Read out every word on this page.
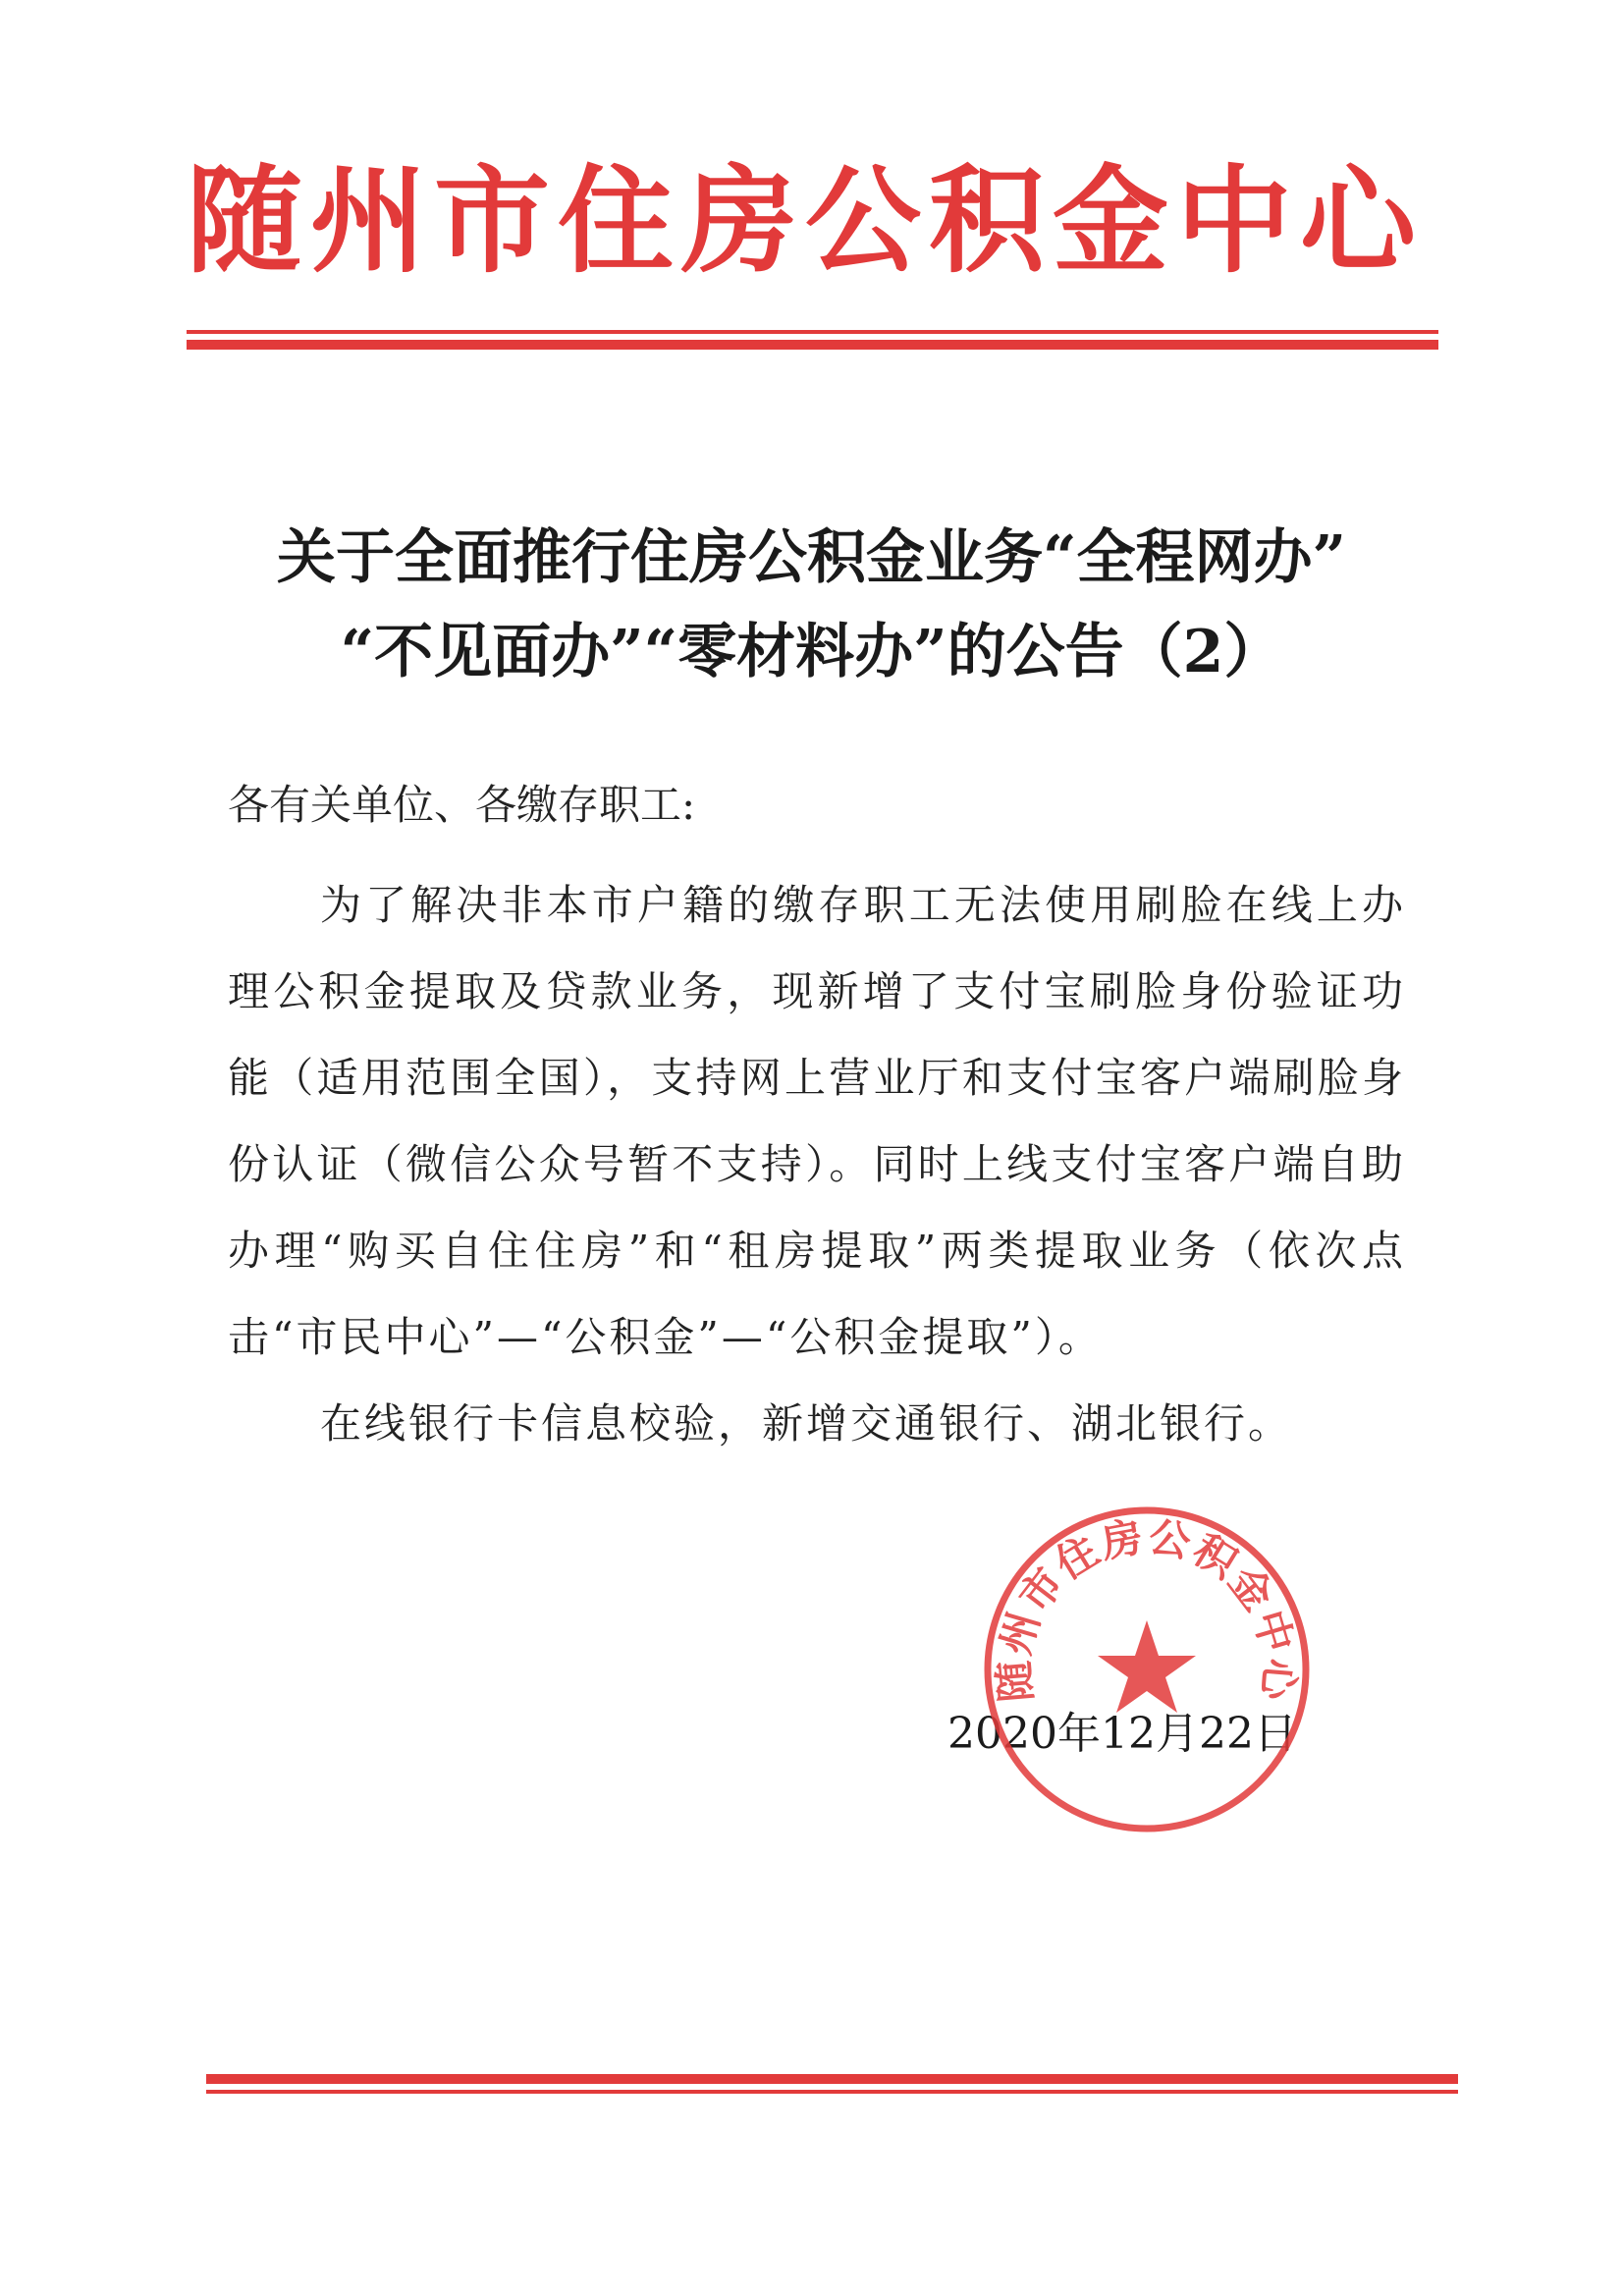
随州市住房公积金中心
关于全面推行住房公积金业务“全程网办”
“不见面办”“零材料办”的公告（2）
各有关单位、各缴存职工:

为了解决非本市户籍的缴存职工无法使用刷脸在线上办理公积金提取及贷款业务，现新增了支付宝刷脸身份验证功能（适用范围全国），支持网上营业厅和支付宝客户端刷脸身份认证（微信公众号暂不支持）。同时上线支付宝客户端自助办理“购买自住住房”和“租房提取”两类提取业务（依次点击“市民中心”—“公积金”—“公积金提取”）。

在线银行卡信息校验，新增交通银行、湖北银行。

2020年12月22日
随州市住房公积金中心
